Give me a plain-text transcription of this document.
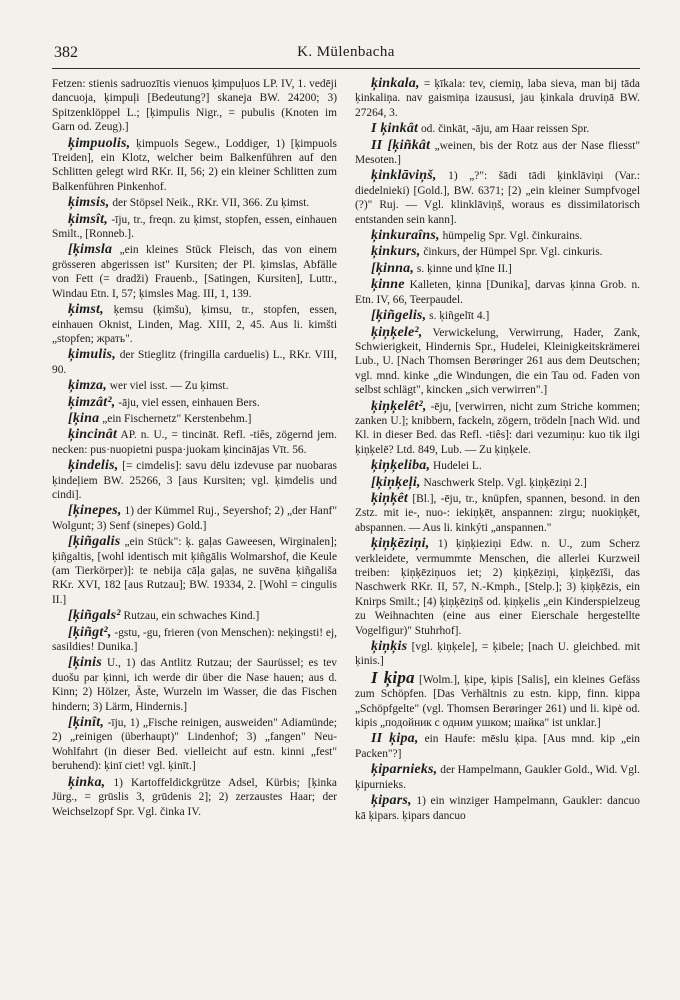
382	K. Mülenbacha

Fetzen: stienis sadruozītis vienuos ķimpuļuos LP. IV, 1. vedēji dancuoja, ķimpuļi [Bedeutung?] skaneja BW. 24200; 3) Spitzenklöppel L.; [ķimpulis Nigr., = pubulis (Knoten im Garn od. Zeug).]

ķimpuolis, ķimpuols Segew., Loddiger, 1) [ķimpuols Treiden], ein Klotz, welcher beim Balkenführen auf den Schlitten gelegt wird RKr. II, 56; 2) ein kleiner Schlitten zum Balkenführen Pinkenhof.

ķimsis, der Stöpsel Neik., RKr. VII, 366. Zu ķimst.

ķimsît, -īju, tr., freqn. zu ķimst, stopfen, essen, einhauen Smilt., [Ronneb.].

[ķimsla „ein kleines Stück Fleisch, das von einem grösseren abgerissen ist" Kursiten; der Pl. ķimslas, Abfälle von Fett (= dradži) Frauenb., [Satingen, Kursiten], Luttr., Windau Etn. I, 57; ķimsles Mag. III, 1, 139.

ķimst, ķemsu (ķimšu), ķimsu, tr., stopfen, essen, einhauen Oknist, Linden, Mag. XIII, 2, 45. Aus li. kimšti „stopfen; жрать".

ķimulis, der Stieglitz (fringilla carduelis) L., RKr. VIII, 90.

ķimza, wer viel isst. — Zu ķimst.

ķimzât², -āju, viel essen, einhauen Bers.

[ķina „ein Fischernetz" Kerstenbehm.]

ķincinât AP. n. U., = tincināt. Refl. -tiês, zögernd jem. necken: pus·nuopietni puspa·juokam ķincinājas Vīt. 56.

ķindelis, [= cimdelis]: savu dēlu izdevuse par nuobaras ķindeļiem BW. 25266, 3 [aus Kursiten; vgl. ķimdelis und cindi].

[ķinepes, 1) der Kümmel Ruj., Seyershof; 2) „der Hanf" Wolgunt; 3) Senf (sinepes) Gold.]

[ķiñgalis „ein Stück": ķ. gaļas Gaweesen, Wirginalen]; ķiñgaltis, [wohl identisch mit ķiñgālis Wolmarshof, die Keule (am Tierkörper)]: te nebija cāļa gaļas, ne suvēna ķiñgališa RKr. XVI, 182 [aus Rutzau]; BW. 19334, 2. [Wohl = cingulis II.]

[ķiñgals² Rutzau, ein schwaches Kind.]

[ķiñgt², -gstu, -gu, frieren (von Menschen): neķingsti! ej, sasildies! Dunika.]

[ķinis U., 1) das Antlitz Rutzau; der Saurüssel; es tev duošu par ķinni, ich werde dir über die Nase hauen; aus d. Kinn; 2) Hölzer, Äste, Wurzeln im Wasser, die das Fischen hindern; 3) Lärm, Hindernis.]

[ķinît, -īju, 1) „Fische reinigen, ausweiden" Adiamünde; 2) „reinigen (überhaupt)" Lindenhof; 3) „fangen" Neu-Wohlfahrt (in dieser Bed. vielleicht auf estn. kinni „fest" beruhend): ķinī ciet! vgl. ķinīt.]

ķinka, 1) Kartoffeldickgrütze Adsel, Kürbis; [ķinka Jürg., = grūslis 3, grūdenis 2]; 2) zerzaustes Haar; der Weichselzopf Spr. Vgl. činka IV.

ķinkala, = ķīkala: tev, ciemiņ, laba sieva, man bij tāda ķinkaliņa. nav gaismiņa izaususi, jau ķinkala druviņā BW. 27264, 3.

I ķinkât od. činkāt, -āju, am Haar reissen Spr.

II [ķiñkât „weinen, bis der Rotz aus der Nase fliesst" Mesoten.]

ķinklāviņš, 1) „?": šādi tādi ķinklāviņi (Var.: diedelnieki) [Gold.], BW. 6371; [2) „ein kleiner Sumpfvogel (?)" Ruj. — Vgl. klinklāviņš, woraus es dissimilatorisch entstanden sein kann].

ķinkuraîns, hümpelig Spr. Vgl. činkurains.

ķinkurs, činkurs, der Hümpel Spr. Vgl. cinkuris.

[ķinna, s. ķinne und ķīne II.]

ķinne Kalleten, ķinna [Dunika], darvas ķinna Grob. n. Etn. IV, 66, Teerpaudel.

[ķiñgelis, s. ķiñgelīt 4.]

ķiņķele², Verwickelung, Verwirrung, Hader, Zank, Schwierigkeit, Hindernis Spr., Hudelei, Kleinigkeitskrämerei Lub., U. [Nach Thomsen Berøringer 261 aus dem Deutschen; vgl. mnd. kinke „die Windungen, die ein Tau od. Faden von selbst schlägt", kincken „sich verwirren".]

ķiņķelêt², -ēju, [verwirren, nicht zum Striche kommen; zanken U.]; knibbern, fackeln, zögern, trödeln [nach Wid. und Kl. in dieser Bed. das Refl. -tiês]: dari vezumiņu: kuo tik ilgi ķiņķelē? Ltd. 849, Lub. — Zu ķiņķele.

ķiņķeliba, Hudelei L.

[ķiņķeļi, Naschwerk Stelp. Vgl. ķiņķēziņi 2.]

ķiņķêt [Bl.], -ēju, tr., knüpfen, spannen, besond. in den Zstz. mit ie-, nuo-: iekiņķēt, anspannen: zirgu; nuokiņķēt, abspannen. — Aus li. kinkýti „anspannen."

ķiņķēziņi, 1) ķiņķieziņi Edw. n. U., zum Scherz verkleidete, vermummte Menschen, die allerlei Kurzweil treiben: ķiņķēziņuos iet; 2) ķiņķēziņi, ķiņķēzīši, das Naschwerk RKr. II, 57, N.-Kmph., [Stelp.]; 3) ķiņķēzis, ein Knirps Smilt.; [4) ķiņķēziņš od. ķiņķelis „ein Kinderspielzeug zu Weihnachten (eine aus einer Eierschale hergestellte Vogelfigur)" Stuhrhof].

ķiņķis [vgl. ķiņķele], = ķibele; [nach U. gleichbed. mit ķinis.]

I ķipa [Wolm.], ķipe, ķipis [Salis], ein kleines Gefäss zum Schöpfen. [Das Verhältnis zu estn. kipp, finn. kippa „Schöpfgelte" (vgl. Thomsen Berøringer 261) und li. kipė od. kipis „подойник с одним ушком; шайка" ist unklar.]

II ķipa, ein Haufe: mēslu ķipa. [Aus mnd. kip „ein Packen"?]

ķiparnieks, der Hampelmann, Gaukler Gold., Wid. Vgl. ķipurnieks.

ķipars, 1) ein winziger Hampelmann, Gaukler: dancuo kā ķipars. ķipars dancuo
